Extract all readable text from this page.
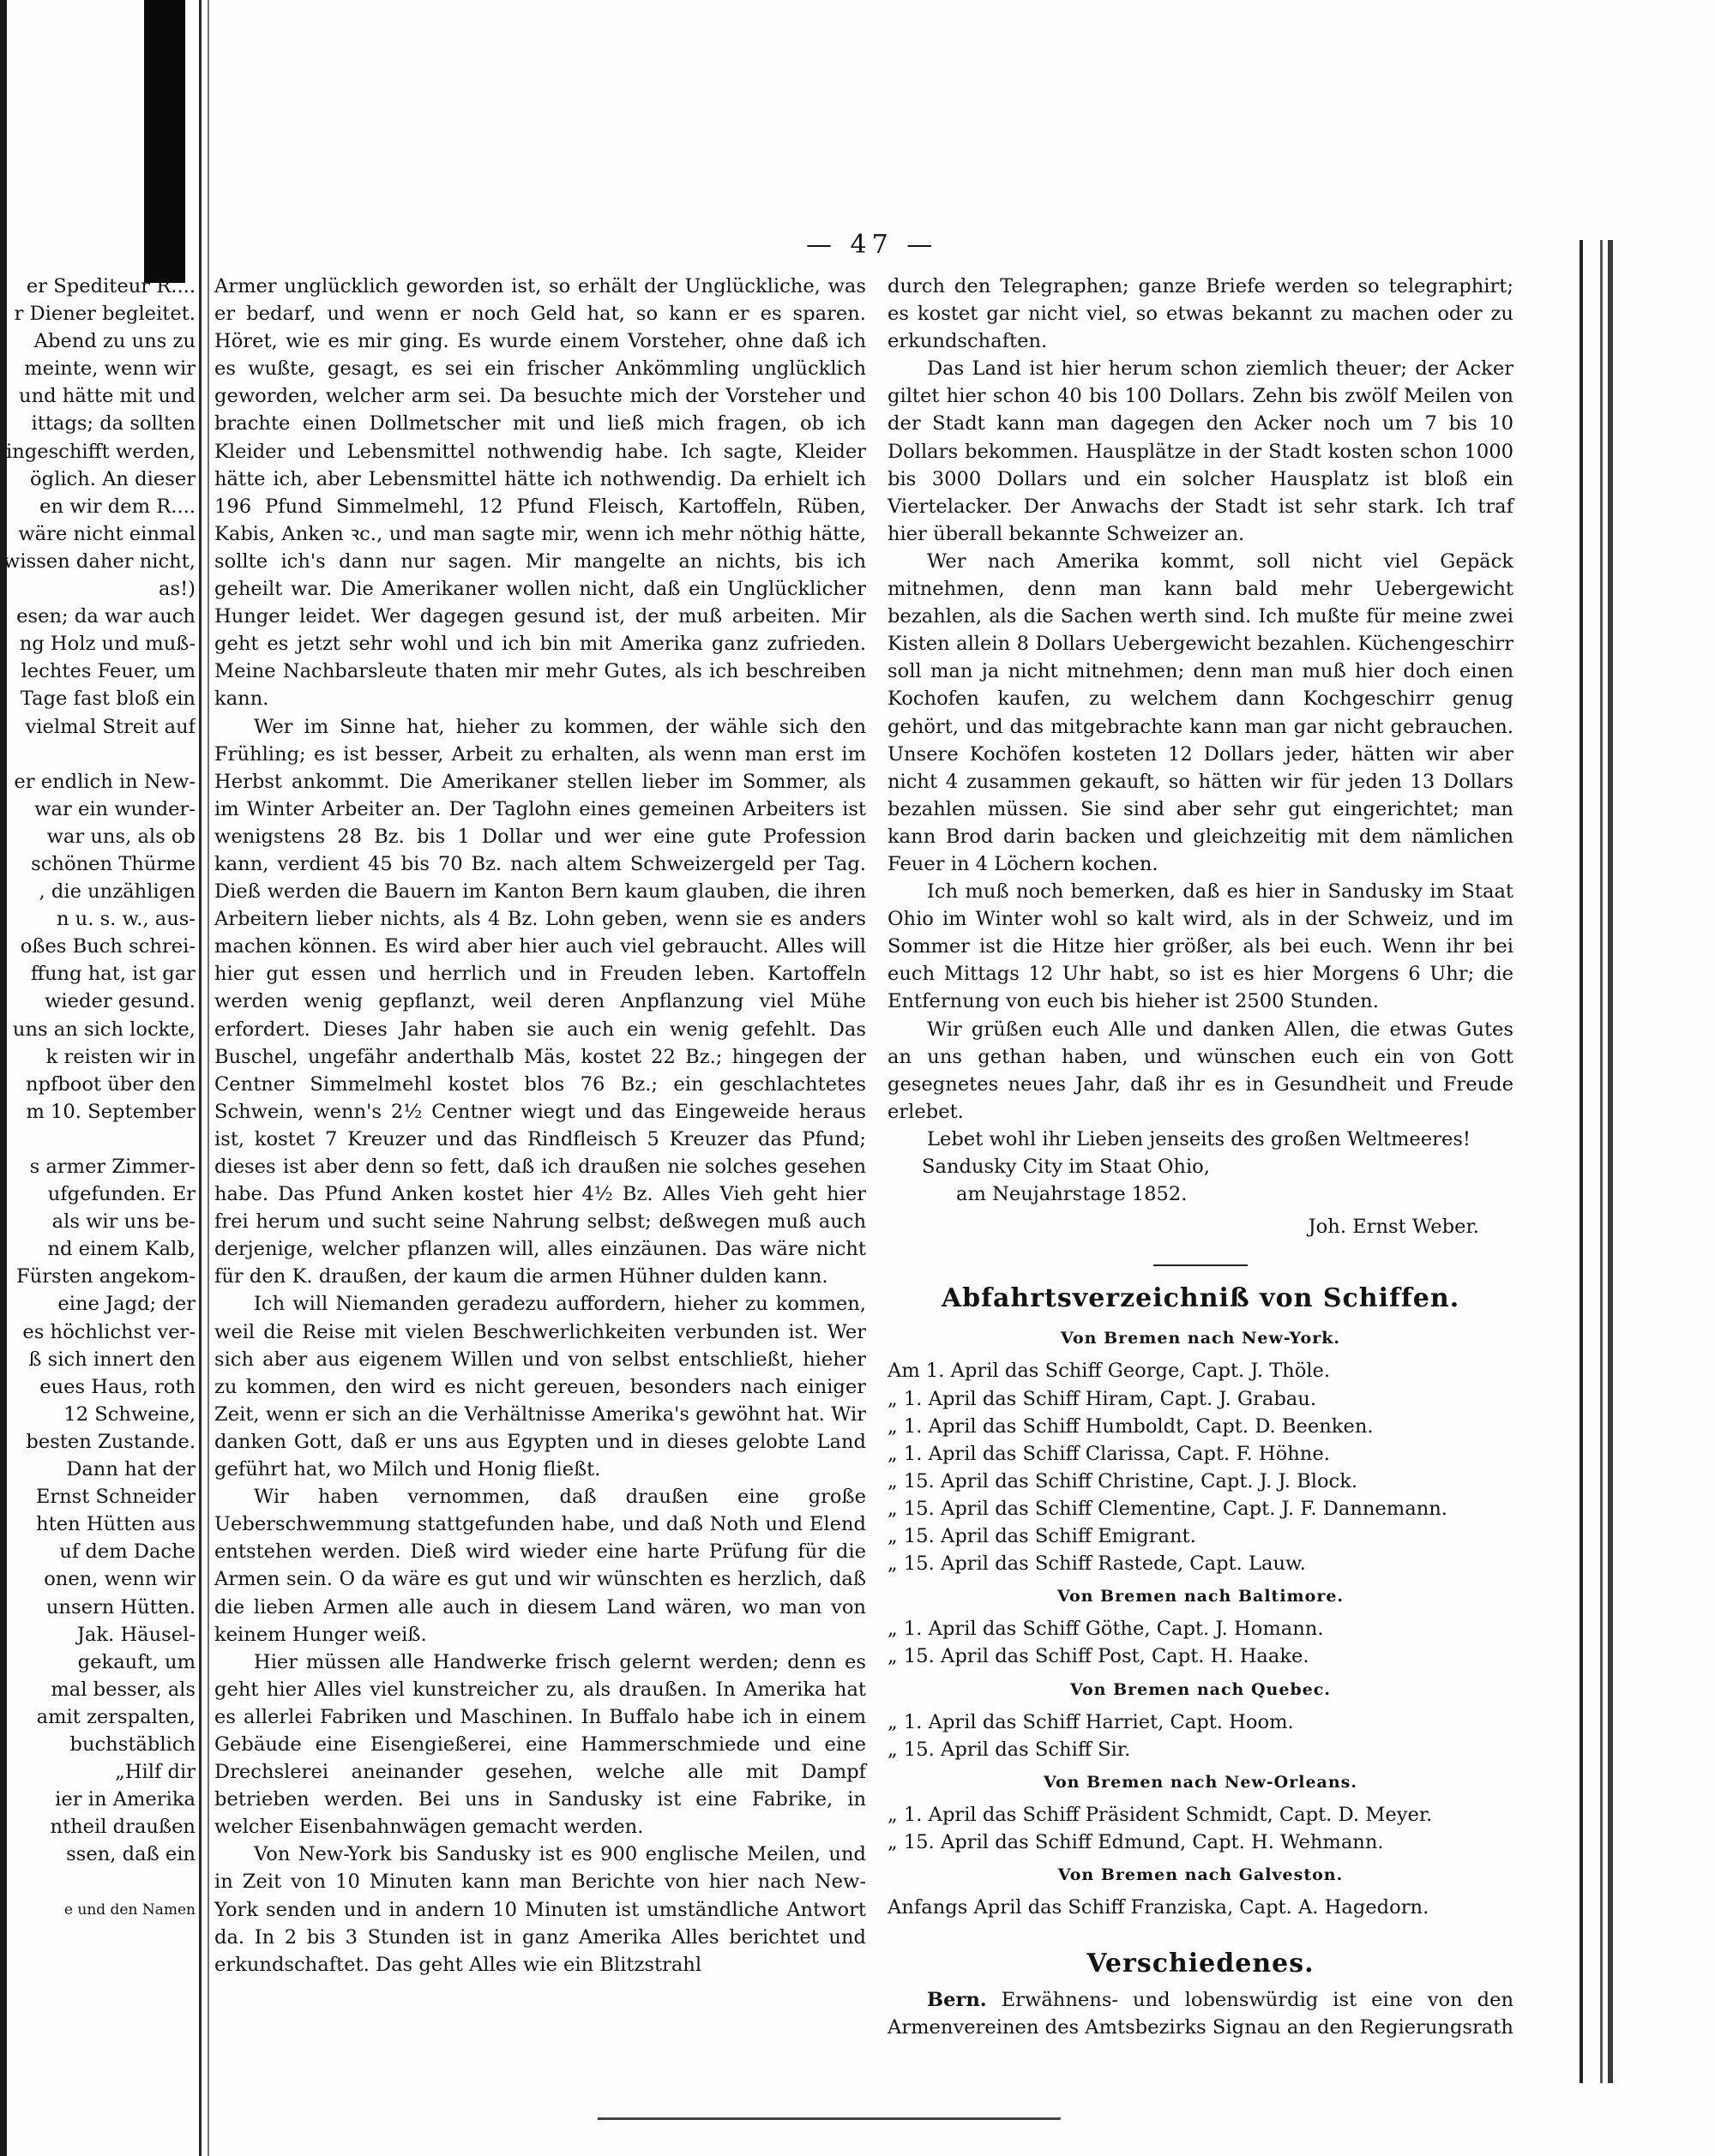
— 47 —
er Spediteur R....
r Diener begleitet.
Abend zu uns zu
meinte, wenn wir
und hätte mit und
ittags; da sollten
ingeschifft werden,
öglich. An dieser
en wir dem R....
wäre nicht einmal
wissen daher nicht,
as!)
esen; da war auch
ng Holz und muß-
lechtes Feuer, um
Tage fast bloß ein
vielmal Streit auf

er endlich in New-
war ein wunder-
war uns, als ob
schönen Thürme
, die unzähligen
n u. s. w., aus-
oßes Buch schrei-
ffung hat, ist gar
wieder gesund.
uns an sich lockte,
k reisten wir in
npfboot über den
m 10. September

s armer Zimmer-
ufgefunden. Er
als wir uns be-
nd einem Kalb,
Fürsten angekom-
eine Jagd; der
es höchlichst ver-
ß sich innert den
eues Haus, roth
12 Schweine,
besten Zustande.
Dann hat der
Ernst Schneider
hten Hütten aus
uf dem Dache
onen, wenn wir
unsern Hütten.
Jak. Häusel-
gekauft, um
mal besser, als
amit zerspalten,
buchstäblich
„Hilf dir
ier in Amerika
ntheil draußen
ssen, daß ein

e und den Namen

Armer unglücklich geworden ist, so erhält der Unglückliche, was er bedarf, und wenn er noch Geld hat, so kann er es sparen. Höret, wie es mir ging. Es wurde einem Vorsteher, ohne daß ich es wußte, gesagt, es sei ein frischer Ankömmling unglücklich geworden, welcher arm sei. Da besuchte mich der Vorsteher und brachte einen Dollmetscher mit und ließ mich fragen, ob ich Kleider und Lebensmittel nothwendig habe. Ich sagte, Kleider hätte ich, aber Lebensmittel hätte ich nothwendig. Da erhielt ich 196 Pfund Simmelmehl, 12 Pfund Fleisch, Kartoffeln, Rüben, Kabis, Anken ꝛc., und man sagte mir, wenn ich mehr nöthig hätte, sollte ich's dann nur sagen. Mir mangelte an nichts, bis ich geheilt war. Die Amerikaner wollen nicht, daß ein Unglücklicher Hunger leidet. Wer dagegen gesund ist, der muß arbeiten. Mir geht es jetzt sehr wohl und ich bin mit Amerika ganz zufrieden. Meine Nachbarsleute thaten mir mehr Gutes, als ich beschreiben kann.

Wer im Sinne hat, hieher zu kommen, der wähle sich den Frühling; es ist besser, Arbeit zu erhalten, als wenn man erst im Herbst ankommt. Die Amerikaner stellen lieber im Sommer, als im Winter Arbeiter an. Der Taglohn eines gemeinen Arbeiters ist wenigstens 28 Bz. bis 1 Dollar und wer eine gute Profession kann, verdient 45 bis 70 Bz. nach altem Schweizergeld per Tag. Dieß werden die Bauern im Kanton Bern kaum glauben, die ihren Arbeitern lieber nichts, als 4 Bz. Lohn geben, wenn sie es anders machen können. Es wird aber hier auch viel gebraucht. Alles will hier gut essen und herrlich und in Freuden leben. Kartoffeln werden wenig gepflanzt, weil deren Anpflanzung viel Mühe erfordert. Dieses Jahr haben sie auch ein wenig gefehlt. Das Buschel, ungefähr anderthalb Mäs, kostet 22 Bz.; hingegen der Centner Simmelmehl kostet blos 76 Bz.; ein geschlachtetes Schwein, wenn's 2½ Centner wiegt und das Eingeweide heraus ist, kostet 7 Kreuzer und das Rindfleisch 5 Kreuzer das Pfund; dieses ist aber denn so fett, daß ich draußen nie solches gesehen habe. Das Pfund Anken kostet hier 4½ Bz. Alles Vieh geht hier frei herum und sucht seine Nahrung selbst; deßwegen muß auch derjenige, welcher pflanzen will, alles einzäunen. Das wäre nicht für den K. draußen, der kaum die armen Hühner dulden kann.

Ich will Niemanden geradezu auffordern, hieher zu kommen, weil die Reise mit vielen Beschwerlichkeiten verbunden ist. Wer sich aber aus eigenem Willen und von selbst entschließt, hieher zu kommen, den wird es nicht gereuen, besonders nach einiger Zeit, wenn er sich an die Verhältnisse Amerika's gewöhnt hat. Wir danken Gott, daß er uns aus Egypten und in dieses gelobte Land geführt hat, wo Milch und Honig fließt.

Wir haben vernommen, daß draußen eine große Ueberschwemmung stattgefunden habe, und daß Noth und Elend entstehen werden. Dieß wird wieder eine harte Prüfung für die Armen sein. O da wäre es gut und wir wünschten es herzlich, daß die lieben Armen alle auch in diesem Land wären, wo man von keinem Hunger weiß.

Hier müssen alle Handwerke frisch gelernt werden; denn es geht hier Alles viel kunstreicher zu, als draußen. In Amerika hat es allerlei Fabriken und Maschinen. In Buffalo habe ich in einem Gebäude eine Eisengießerei, eine Hammerschmiede und eine Drechslerei aneinander gesehen, welche alle mit Dampf betrieben werden. Bei uns in Sandusky ist eine Fabrike, in welcher Eisenbahnwägen gemacht werden.

Von New-York bis Sandusky ist es 900 englische Meilen, und in Zeit von 10 Minuten kann man Berichte von hier nach New-York senden und in andern 10 Minuten ist umständliche Antwort da. In 2 bis 3 Stunden ist in ganz Amerika Alles berichtet und erkundschaftet. Das geht Alles wie ein Blitzstrahl

durch den Telegraphen; ganze Briefe werden so telegraphirt; es kostet gar nicht viel, so etwas bekannt zu machen oder zu erkundschaften.

Das Land ist hier herum schon ziemlich theuer; der Acker giltet hier schon 40 bis 100 Dollars. Zehn bis zwölf Meilen von der Stadt kann man dagegen den Acker noch um 7 bis 10 Dollars bekommen. Hausplätze in der Stadt kosten schon 1000 bis 3000 Dollars und ein solcher Hausplatz ist bloß ein Viertelacker. Der Anwachs der Stadt ist sehr stark. Ich traf hier überall bekannte Schweizer an.

Wer nach Amerika kommt, soll nicht viel Gepäck mitnehmen, denn man kann bald mehr Uebergewicht bezahlen, als die Sachen werth sind. Ich mußte für meine zwei Kisten allein 8 Dollars Uebergewicht bezahlen. Küchengeschirr soll man ja nicht mitnehmen; denn man muß hier doch einen Kochofen kaufen, zu welchem dann Kochgeschirr genug gehört, und das mitgebrachte kann man gar nicht gebrauchen. Unsere Kochöfen kosteten 12 Dollars jeder, hätten wir aber nicht 4 zusammen gekauft, so hätten wir für jeden 13 Dollars bezahlen müssen. Sie sind aber sehr gut eingerichtet; man kann Brod darin backen und gleichzeitig mit dem nämlichen Feuer in 4 Löchern kochen.

Ich muß noch bemerken, daß es hier in Sandusky im Staat Ohio im Winter wohl so kalt wird, als in der Schweiz, und im Sommer ist die Hitze hier größer, als bei euch. Wenn ihr bei euch Mittags 12 Uhr habt, so ist es hier Morgens 6 Uhr; die Entfernung von euch bis hieher ist 2500 Stunden.

Wir grüßen euch Alle und danken Allen, die etwas Gutes an uns gethan haben, und wünschen euch ein von Gott gesegnetes neues Jahr, daß ihr es in Gesundheit und Freude erlebet.

Lebet wohl ihr Lieben jenseits des großen Weltmeeres!

Sandusky City im Staat Ohio,

am Neujahrstage 1852.

Joh. Ernst Weber.

Abfahrtsverzeichniß von Schiffen.

Von Bremen nach New-York.

Am 1. April das Schiff George, Capt. J. Thöle.

„ 1. April das Schiff Hiram, Capt. J. Grabau.

„ 1. April das Schiff Humboldt, Capt. D. Beenken.

„ 1. April das Schiff Clarissa, Capt. F. Höhne.

„ 15. April das Schiff Christine, Capt. J. J. Block.

„ 15. April das Schiff Clementine, Capt. J. F. Dannemann.

„ 15. April das Schiff Emigrant.

„ 15. April das Schiff Rastede, Capt. Lauw.

Von Bremen nach Baltimore.

„ 1. April das Schiff Göthe, Capt. J. Homann.

„ 15. April das Schiff Post, Capt. H. Haake.

Von Bremen nach Quebec.

„ 1. April das Schiff Harriet, Capt. Hoom.

„ 15. April das Schiff Sir.

Von Bremen nach New-Orleans.

„ 1. April das Schiff Präsident Schmidt, Capt. D. Meyer.

„ 15. April das Schiff Edmund, Capt. H. Wehmann.

Von Bremen nach Galveston.

Anfangs April das Schiff Franziska, Capt. A. Hagedorn.

Verschiedenes.

Bern. Erwähnens- und lobenswürdig ist eine von den Armenvereinen des Amtsbezirks Signau an den Regierungsrath
